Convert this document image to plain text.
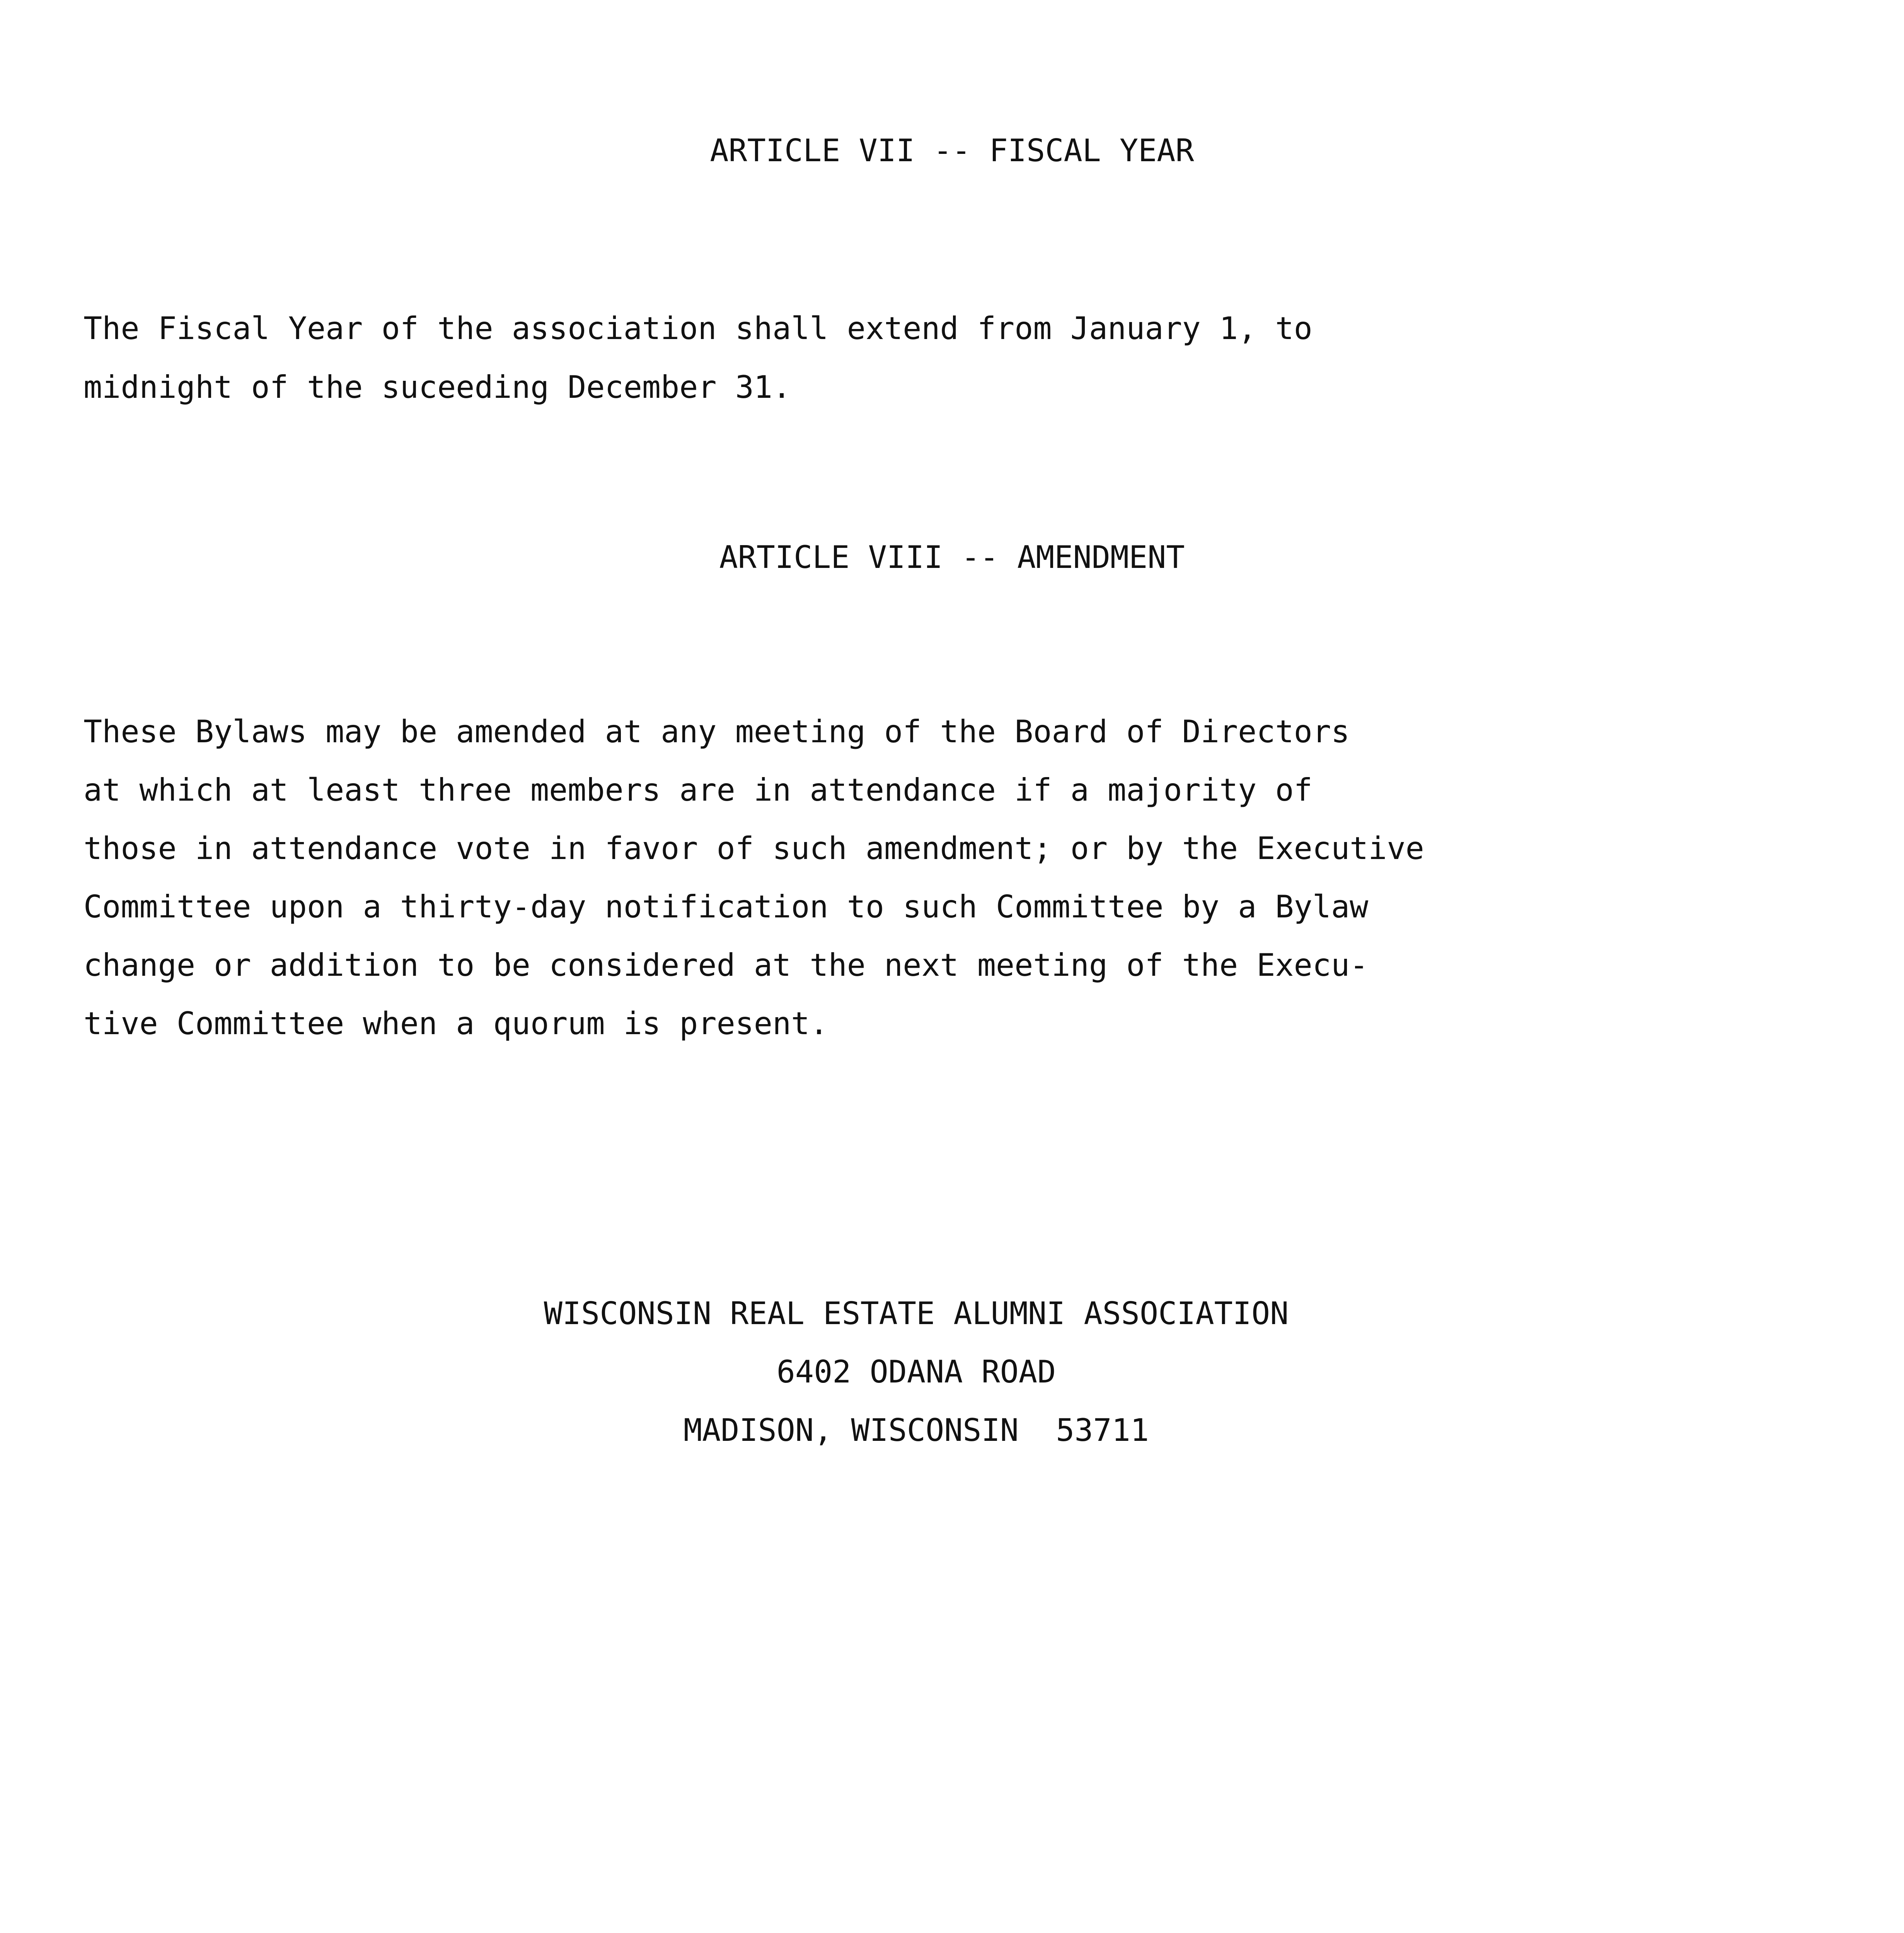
ARTICLE VII -- FISCAL YEAR
The Fiscal Year of the association shall extend from January 1, to
midnight of the suceeding December 31.
ARTICLE VIII -- AMENDMENT
These Bylaws may be amended at any meeting of the Board of Directors
at which at least three members are in attendance if a majority of
those in attendance vote in favor of such amendment; or by the Executive
Committee upon a thirty-day notification to such Committee by a Bylaw
change or addition to be considered at the next meeting of the Execu-
tive Committee when a quorum is present.
WISCONSIN REAL ESTATE ALUMNI ASSOCIATION
6402 ODANA ROAD
MADISON, WISCONSIN  53711
